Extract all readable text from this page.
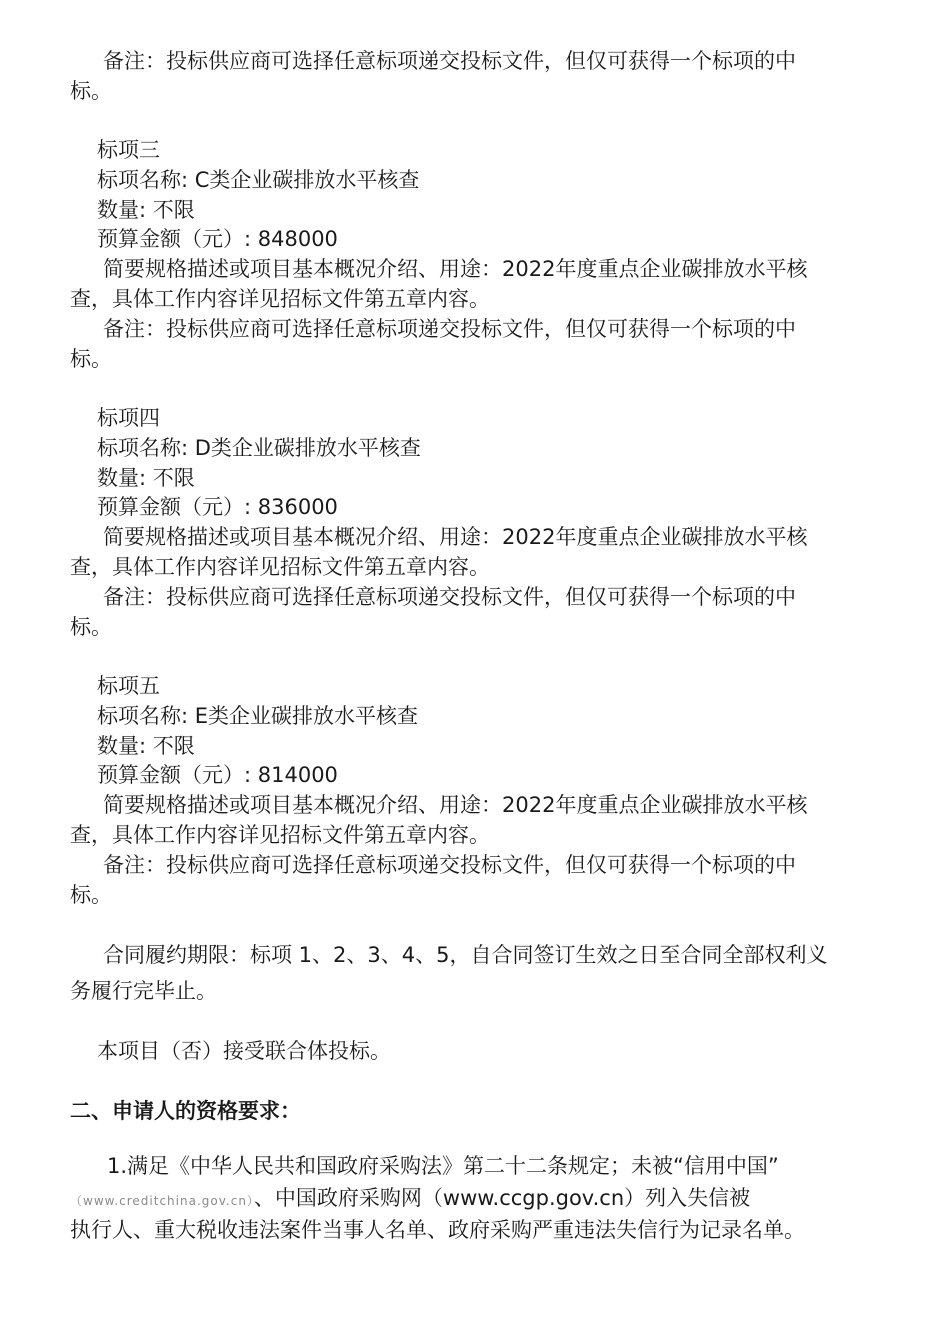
备注：投标供应商可选择任意标项递交投标文件，但仅可获得一个标项的中
标。
标项三
标项名称: C类企业碳排放水平核查
数量: 不限
预算金额（元）: 848000
简要规格描述或项目基本概况介绍、用途：2022年度重点企业碳排放水平核
查，具体工作内容详见招标文件第五章内容。
备注：投标供应商可选择任意标项递交投标文件，但仅可获得一个标项的中
标。
标项四
标项名称: D类企业碳排放水平核查
数量: 不限
预算金额（元）: 836000
简要规格描述或项目基本概况介绍、用途：2022年度重点企业碳排放水平核
查，具体工作内容详见招标文件第五章内容。
备注：投标供应商可选择任意标项递交投标文件，但仅可获得一个标项的中
标。
标项五
标项名称: E类企业碳排放水平核查
数量: 不限
预算金额（元）: 814000
简要规格描述或项目基本概况介绍、用途：2022年度重点企业碳排放水平核
查，具体工作内容详见招标文件第五章内容。
备注：投标供应商可选择任意标项递交投标文件，但仅可获得一个标项的中
标。
合同履约期限：标项 1、2、3、4、5，自合同签订生效之日至合同全部权利义
务履行完毕止。
本项目（否）接受联合体投标。
二、申请人的资格要求：
1.满足《中华人民共和国政府采购法》第二十二条规定；未被“信用中国”
（www.creditchina.gov.cn）、中国政府采购网（www.ccgp.gov.cn）列入失信被
执行人、重大税收违法案件当事人名单、政府采购严重违法失信行为记录名单。
